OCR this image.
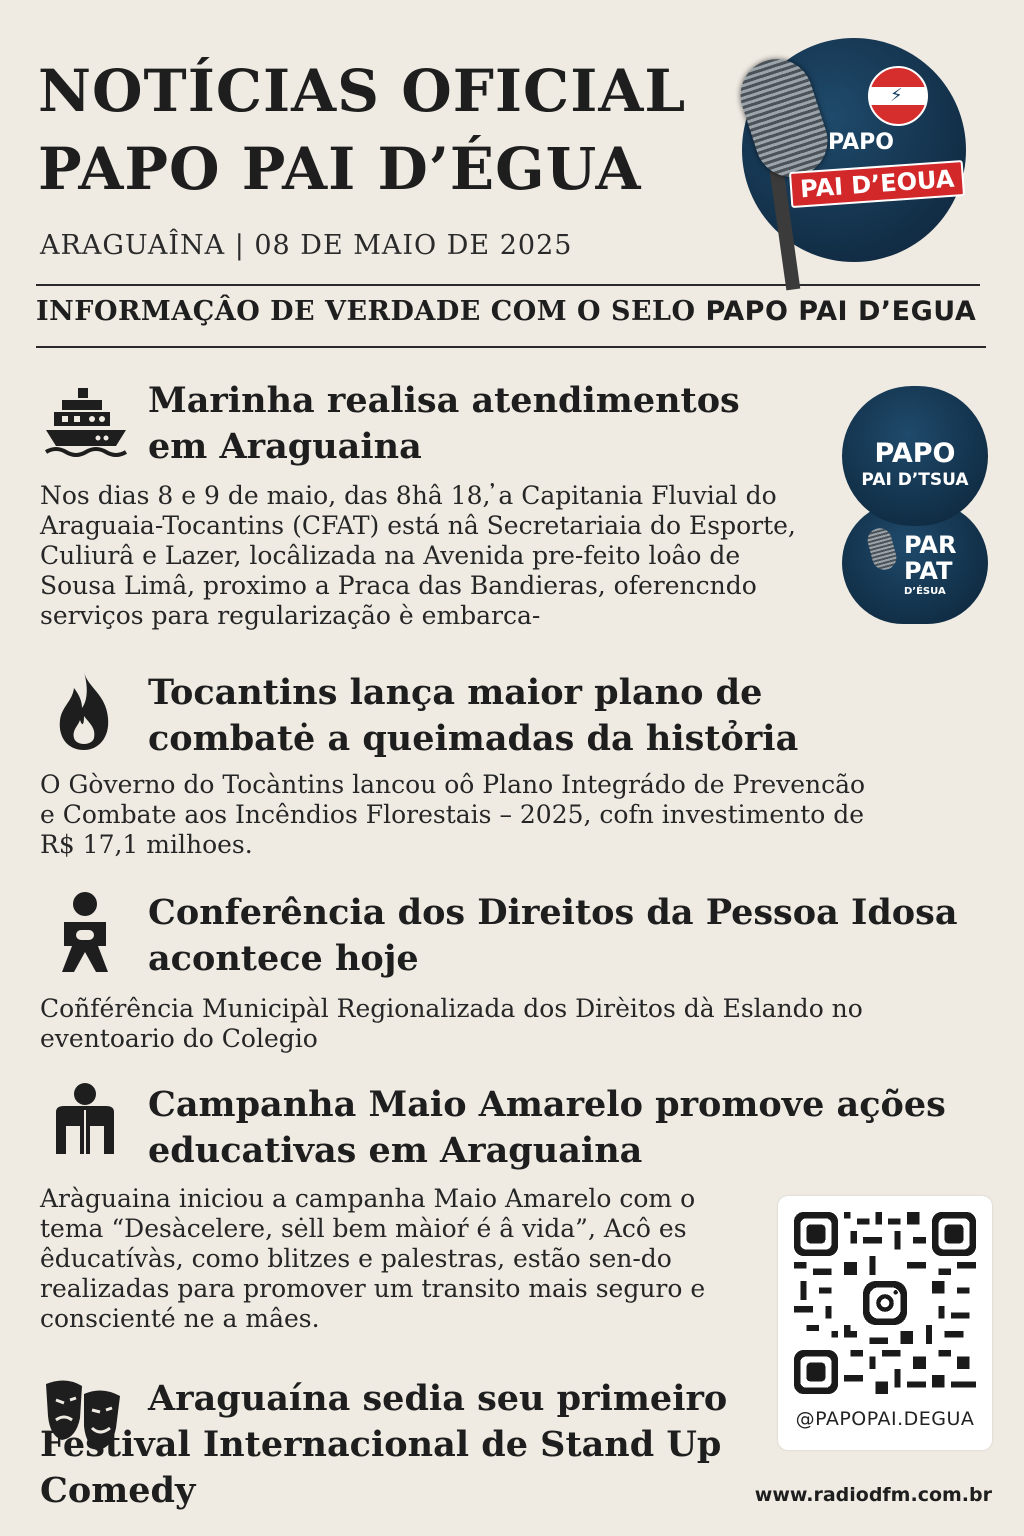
NOTÍCIAS OFICIAL
PAPO PAI D’ÉGUA
ARAGUAÎNA | 08 DE MAIO DE 2025
INFORMAÇÂO DE VERDADE COM O SELO PAPO PAI D’EGUA
⚡
PAPO
PAI D’EOUA
PAR
PAT
D’ÉSUA
PAPO
PAI D’TSUA
Marinha realisa atendimentos em Araguaina
Nos dias 8 e 9 de maio, das 8hâ 18, ̓a Capitania Fluvial do Araguaia-Tocantins (CFAT) está nâ Secretariaia do Esporte, Culiurâ e Lazer, locâlizada na Avenida pre-feito loâo de Sousa Limâ, proximo a Praca das Bandieras, oferencndo serviços para regularização è embarca-
Tocantins lança maior plano de combatė a queimadas da histỏria
O Gòverno do Tocàntins lancou oô Plano Integrádo de Prevencão e Combate aos Incêndios Florestais – 2025, cofn investimento de R$ 17,1 milhoes.
Conferência dos Direitos da Pessoa Idosa acontece hoje
Coñférência Municipàl Regionalizada dos Dirèitos dà Eslando no eventoario do Colegio
Campanha Maio Amarelo promove ações educativas em Araguaina
Aràguaina iniciou a campanha Maio Amarelo com o tema “Desàcelere, sėll bem màioŕ é â vida”, Acô es êducatívàs, como blitzes e palestras, estão sen-do realizadas para promover um transito mais seguro e conscienté ne a mâes.
Araguaína sedia seu primeiro Festival Internacional de Stand Up Comedy
@PAPOPAI.DEGUA
www.radiodfm.com.br
